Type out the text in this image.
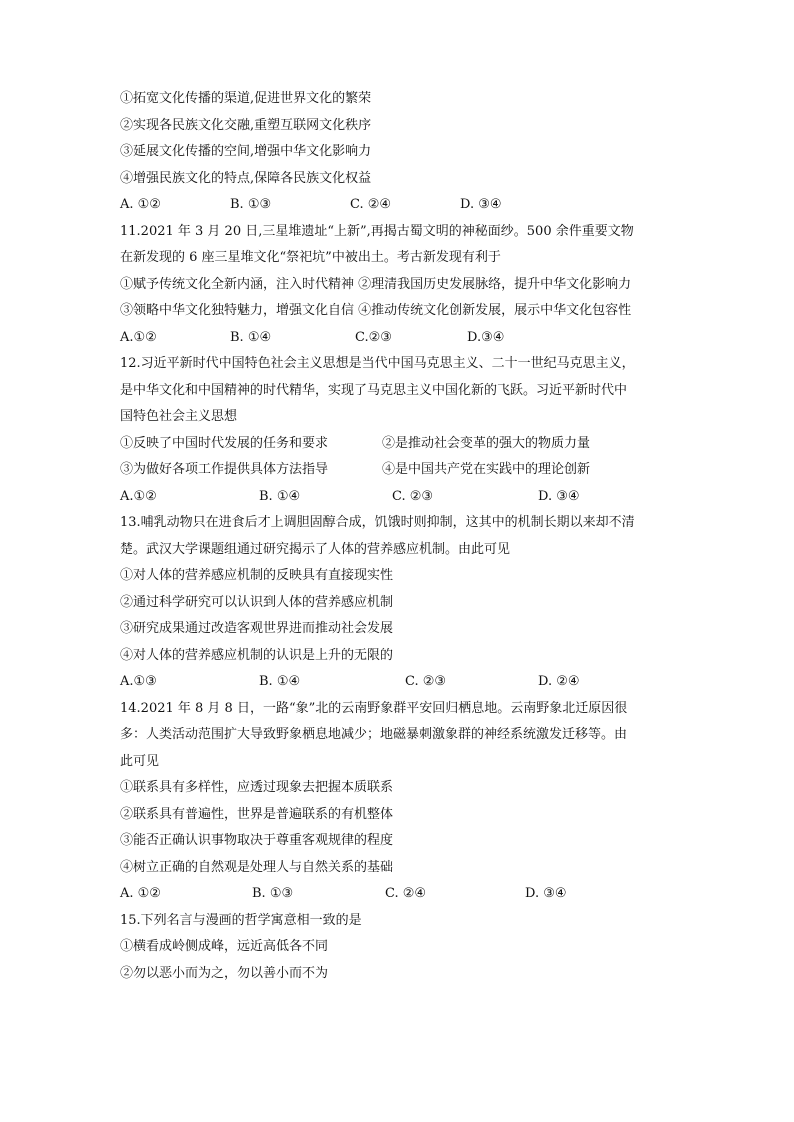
①拓宽文化传播的渠道,促进世界文化的繁荣
②实现各民族文化交融,重塑互联网文化秩序
③延展文化传播的空间,增强中华文化影响力
④增强民族文化的特点,保障各民族文化权益
A. ①②	B. ①③	C. ②④	D. ③④
11.2021 年 3 月 20 日,三星堆遗址“上新”,再揭古蜀文明的神秘面纱。500 余件重要文物
在新发现的 6 座三星堆文化“祭祀坑”中被出土。考古新发现有利于
①赋予传统文化全新内涵，注入时代精神 ②理清我国历史发展脉络，提升中华文化影响力
③领略中华文化独特魅力，增强文化自信 ④推动传统文化创新发展，展示中华文化包容性
A.①②	B. ①④	C.②③	D.③④
12.习近平新时代中国特色社会主义思想是当代中国马克思主义、二十一世纪马克思主义，
是中华文化和中国精神的时代精华，实现了马克思主义中国化新的飞跃。习近平新时代中
国特色社会主义思想
①反映了中国时代发展的任务和要求	②是推动社会变革的强大的物质力量
③为做好各项工作提供具体方法指导	④是中国共产党在实践中的理论创新
A.①②	B. ①④	C. ②③	D. ③④
13.哺乳动物只在进食后才上调胆固醇合成，饥饿时则抑制，这其中的机制长期以来却不清
楚。武汉大学课题组通过研究揭示了人体的营养感应机制。由此可见
①对人体的营养感应机制的反映具有直接现实性
②通过科学研究可以认识到人体的营养感应机制
③研究成果通过改造客观世界进而推动社会发展
④对人体的营养感应机制的认识是上升的无限的
A.①③	B. ①④	C. ②③	D. ②④
14.2021 年 8 月 8 日，一路“象”北的云南野象群平安回归栖息地。云南野象北迁原因很
多：人类活动范围扩大导致野象栖息地减少；地磁暴刺激象群的神经系统激发迁移等。由
此可见
①联系具有多样性，应透过现象去把握本质联系
②联系具有普遍性，世界是普遍联系的有机整体
③能否正确认识事物取决于尊重客观规律的程度
④树立正确的自然观是处理人与自然关系的基础
A. ①②	B. ①③	C. ②④	D. ③④
15.下列名言与漫画的哲学寓意相一致的是
①横看成岭侧成峰，远近高低各不同
②勿以恶小而为之，勿以善小而不为
